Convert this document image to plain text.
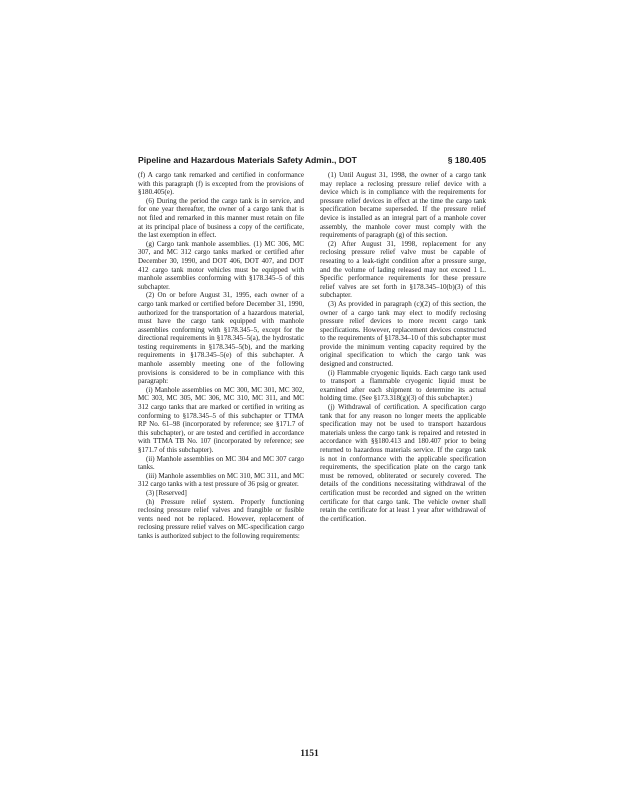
Pipeline and Hazardous Materials Safety Admin., DOT	§ 180.405

(f) A cargo tank remarked and certified in conformance with this paragraph (f) is excepted from the provisions of §180.405(e).

(6) During the period the cargo tank is in service, and for one year thereafter, the owner of a cargo tank that is not filed and remarked in this manner must retain on file at its principal place of business a copy of the certificate, the last exemption in effect.

(g) Cargo tank manhole assemblies. (1) MC 306, MC 307, and MC 312 cargo tanks marked or certified after December 30, 1990, and DOT 406, DOT 407, and DOT 412 cargo tank motor vehicles must be equipped with manhole assemblies conforming with §178.345–5 of this subchapter.

(2) On or before August 31, 1995, each owner of a cargo tank marked or certified before December 31, 1990, authorized for the transportation of a hazardous material, must have the cargo tank equipped with manhole assemblies conforming with §178.345–5, except for the directional requirements in §178.345–5(a), the hydrostatic testing requirements in §178.345–5(b), and the marking requirements in §178.345–5(e) of this subchapter. A manhole assembly meeting one of the following provisions is considered to be in compliance with this paragraph:

(i) Manhole assemblies on MC 300, MC 301, MC 302, MC 303, MC 305, MC 306, MC 310, MC 311, and MC 312 cargo tanks that are marked or certified in writing as conforming to §178.345–5 of this subchapter or TTMA RP No. 61–98 (incorporated by reference; see §171.7 of this subchapter), or are tested and certified in accordance with TTMA TB No. 107 (incorporated by reference; see §171.7 of this subchapter).

(ii) Manhole assemblies on MC 304 and MC 307 cargo tanks.

(iii) Manhole assemblies on MC 310, MC 311, and MC 312 cargo tanks with a test pressure of 36 psig or greater.

(3) [Reserved]

(h) Pressure relief system. Properly functioning reclosing pressure relief valves and frangible or fusible vents need not be replaced. However, replacement of reclosing pressure relief valves on MC-specification cargo tanks is authorized subject to the following requirements:

(1) Until August 31, 1998, the owner of a cargo tank may replace a reclosing pressure relief device with a device which is in compliance with the requirements for pressure relief devices in effect at the time the cargo tank specification became superseded. If the pressure relief device is installed as an integral part of a manhole cover assembly, the manhole cover must comply with the requirements of paragraph (g) of this section.

(2) After August 31, 1998, replacement for any reclosing pressure relief valve must be capable of reseating to a leak-tight condition after a pressure surge, and the volume of lading released may not exceed 1 L. Specific performance requirements for these pressure relief valves are set forth in §178.345–10(b)(3) of this subchapter.

(3) As provided in paragraph (c)(2) of this section, the owner of a cargo tank may elect to modify reclosing pressure relief devices to more recent cargo tank specifications. However, replacement devices constructed to the requirements of §178.34–10 of this subchapter must provide the minimum venting capacity required by the original specification to which the cargo tank was designed and constructed.

(i) Flammable cryogenic liquids. Each cargo tank used to transport a flammable cryogenic liquid must be examined after each shipment to determine its actual holding time. (See §173.318(g)(3) of this subchapter.)

(j) Withdrawal of certification. A specification cargo tank that for any reason no longer meets the applicable specification may not be used to transport hazardous materials unless the cargo tank is repaired and retested in accordance with §§180.413 and 180.407 prior to being returned to hazardous materials service. If the cargo tank is not in conformance with the applicable specification requirements, the specification plate on the cargo tank must be removed, obliterated or securely covered. The details of the conditions necessitating withdrawal of the certification must be recorded and signed on the written certificate for that cargo tank. The vehicle owner shall retain the certificate for at least 1 year after withdrawal of the certification.

1151
